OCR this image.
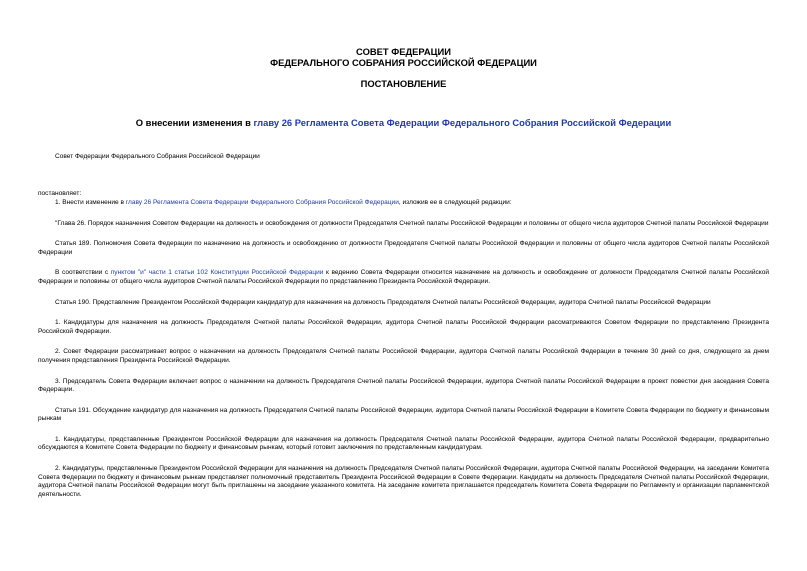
СОВЕТ ФЕДЕРАЦИИ
ФЕДЕРАЛЬНОГО СОБРАНИЯ РОССИЙСКОЙ ФЕДЕРАЦИИ
ПОСТАНОВЛЕНИЕ
О внесении изменения в главу 26 Регламента Совета Федерации Федерального Собрания Российской Федерации

Совет Федерации Федерального Собрания Российской Федерации

постановляет:

1. Внести изменение в главу 26 Регламента Совета Федерации Федерального Собрания Российской Федерации, изложив ее в следующей редакции:

"Глава 26. Порядок назначения Советом Федерации на должность и освобождения от должности Председателя Счетной палаты Российской Федерации и половины от общего числа аудиторов Счетной палаты Российской Федерации

Статья 189. Полномочия Совета Федерации по назначению на должность и освобождению от должности Председателя Счетной палаты Российской Федерации и половины от общего числа аудиторов Счетной палаты Российской Федерации

В соответствии с пунктом "и" части 1 статьи 102 Конституции Российской Федерации к ведению Совета Федерации относится назначение на должность и освобождение от должности Председателя Счетной палаты Российской Федерации и половины от общего числа аудиторов Счетной палаты Российской Федерации по представлению Президента Российской Федерации.

Статья 190. Представление Президентом Российской Федерации кандидатур для назначения на должность Председателя Счетной палаты Российской Федерации, аудитора Счетной палаты Российской Федерации

1. Кандидатуры для назначения на должность Председателя Счетной палаты Российской Федерации, аудитора Счетной палаты Российской Федерации рассматриваются Советом Федерации по представлению Президента Российской Федерации.

2. Совет Федерации рассматривает вопрос о назначении на должность Председателя Счетной палаты Российской Федерации, аудитора Счетной палаты Российской Федерации в течение 30 дней со дня, следующего за днем получения представления Президента Российской Федерации.

3. Председатель Совета Федерации включает вопрос о назначении на должность Председателя Счетной палаты Российской Федерации, аудитора Счетной палаты Российской Федерации в проект повестки дня заседания Совета Федерации.

Статья 191. Обсуждение кандидатур для назначения на должность Председателя Счетной палаты Российской Федерации, аудитора Счетной палаты Российской Федерации в Комитете Совета Федерации по бюджету и финансовым рынкам

1. Кандидатуры, представленные Президентом Российской Федерации для назначения на должность Председателя Счетной палаты Российской Федерации, аудитора Счетной палаты Российской Федерации, предварительно обсуждаются в Комитете Совета Федерации по бюджету и финансовым рынкам, который готовит заключения по представленным кандидатурам.

2. Кандидатуры, представленные Президентом Российской Федерации для назначения на должность Председателя Счетной палаты Российской Федерации, аудитора Счетной палаты Российской Федерации, на заседании Комитета Совета Федерации по бюджету и финансовым рынкам представляет полномочный представитель Президента Российской Федерации в Совете Федерации. Кандидаты на должность Председателя Счетной палаты Российской Федерации, аудитора Счетной палаты Российской Федерации могут быть приглашены на заседание указанного комитета. На заседание комитета приглашается председатель Комитета Совета Федерации по Регламенту и организации парламентской деятельности.
